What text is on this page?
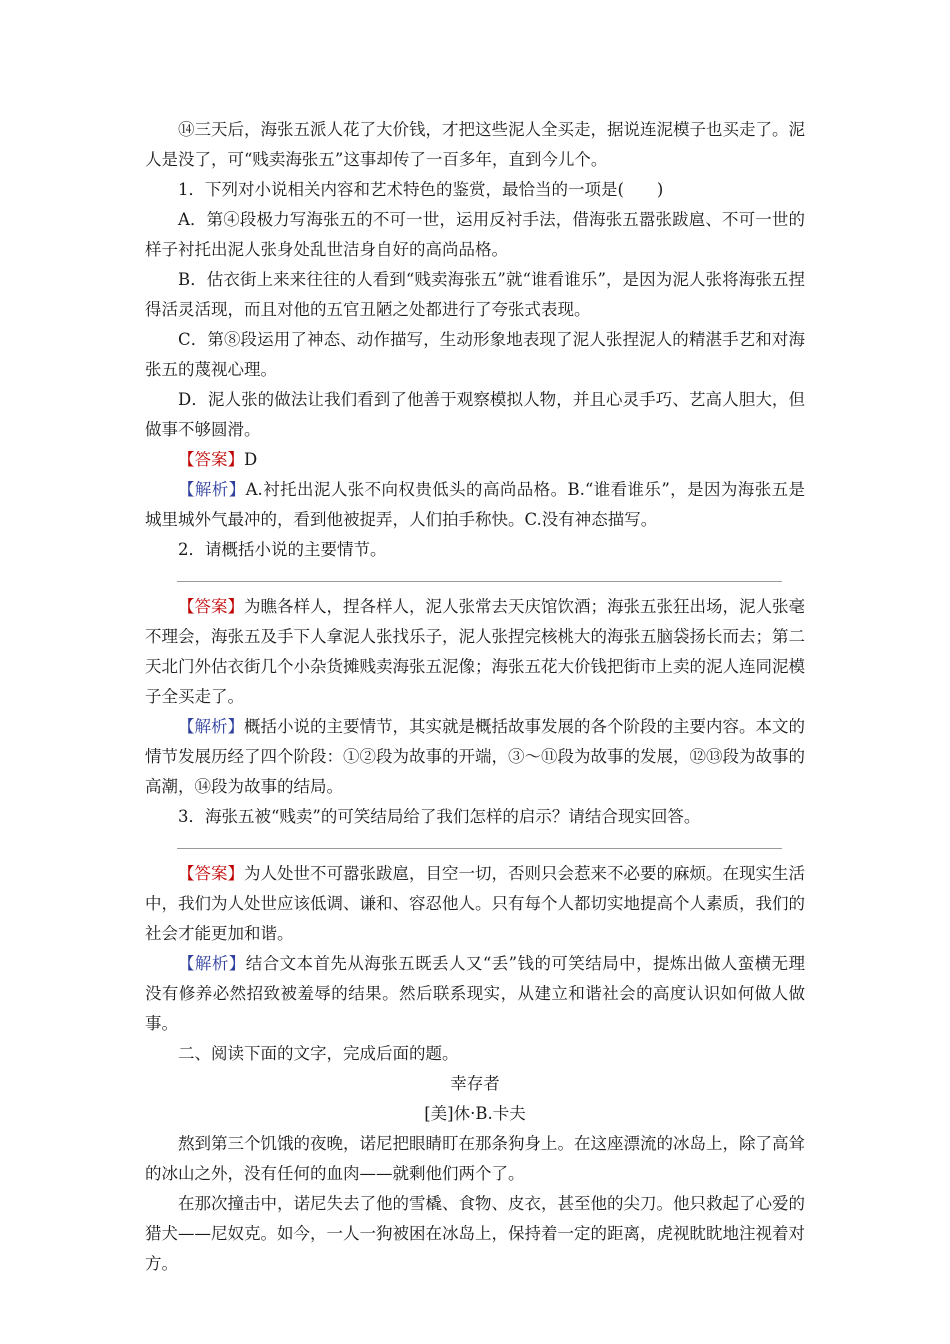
⑭三天后，海张五派人花了大价钱，才把这些泥人全买走，据说连泥模子也买走了。泥人是没了，可“贱卖海张五”这事却传了一百多年，直到今儿个。

1．下列对小说相关内容和艺术特色的鉴赏，最恰当的一项是(　　)

A．第④段极力写海张五的不可一世，运用反衬手法，借海张五嚣张跋扈、不可一世的样子衬托出泥人张身处乱世洁身自好的高尚品格。

B．估衣街上来来往往的人看到“贱卖海张五”就“谁看谁乐”，是因为泥人张将海张五捏得活灵活现，而且对他的五官丑陋之处都进行了夸张式表现。

C．第⑧段运用了神态、动作描写，生动形象地表现了泥人张捏泥人的精湛手艺和对海张五的蔑视心理。

D．泥人张的做法让我们看到了他善于观察模拟人物，并且心灵手巧、艺高人胆大，但做事不够圆滑。

【答案】D

【解析】A.衬托出泥人张不向权贵低头的高尚品格。B.“谁看谁乐”，是因为海张五是城里城外气最冲的，看到他被捉弄，人们拍手称快。C.没有神态描写。

2．请概括小说的主要情节。

【答案】为瞧各样人，捏各样人，泥人张常去天庆馆饮酒；海张五张狂出场，泥人张毫不理会，海张五及手下人拿泥人张找乐子，泥人张捏完核桃大的海张五脑袋扬长而去；第二天北门外估衣街几个小杂货摊贱卖海张五泥像；海张五花大价钱把街市上卖的泥人连同泥模子全买走了。

【解析】概括小说的主要情节，其实就是概括故事发展的各个阶段的主要内容。本文的情节发展历经了四个阶段：①②段为故事的开端，③～⑪段为故事的发展，⑫⑬段为故事的高潮，⑭段为故事的结局。

3．海张五被“贱卖”的可笑结局给了我们怎样的启示？请结合现实回答。

【答案】为人处世不可嚣张跋扈，目空一切，否则只会惹来不必要的麻烦。在现实生活中，我们为人处世应该低调、谦和、容忍他人。只有每个人都切实地提高个人素质，我们的社会才能更加和谐。

【解析】结合文本首先从海张五既丢人又“丢”钱的可笑结局中，提炼出做人蛮横无理没有修养必然招致被羞辱的结果。然后联系现实，从建立和谐社会的高度认识如何做人做事。

二、阅读下面的文字，完成后面的题。

幸存者

[美]休·B.卡夫

熬到第三个饥饿的夜晚，诺尼把眼睛盯在那条狗身上。在这座漂流的冰岛上，除了高耸的冰山之外，没有任何的血肉——就剩他们两个了。

在那次撞击中，诺尼失去了他的雪橇、食物、皮衣，甚至他的尖刀。他只救起了心爱的猎犬——尼奴克。如今，一人一狗被困在冰岛上，保持着一定的距离，虎视眈眈地注视着对方。
